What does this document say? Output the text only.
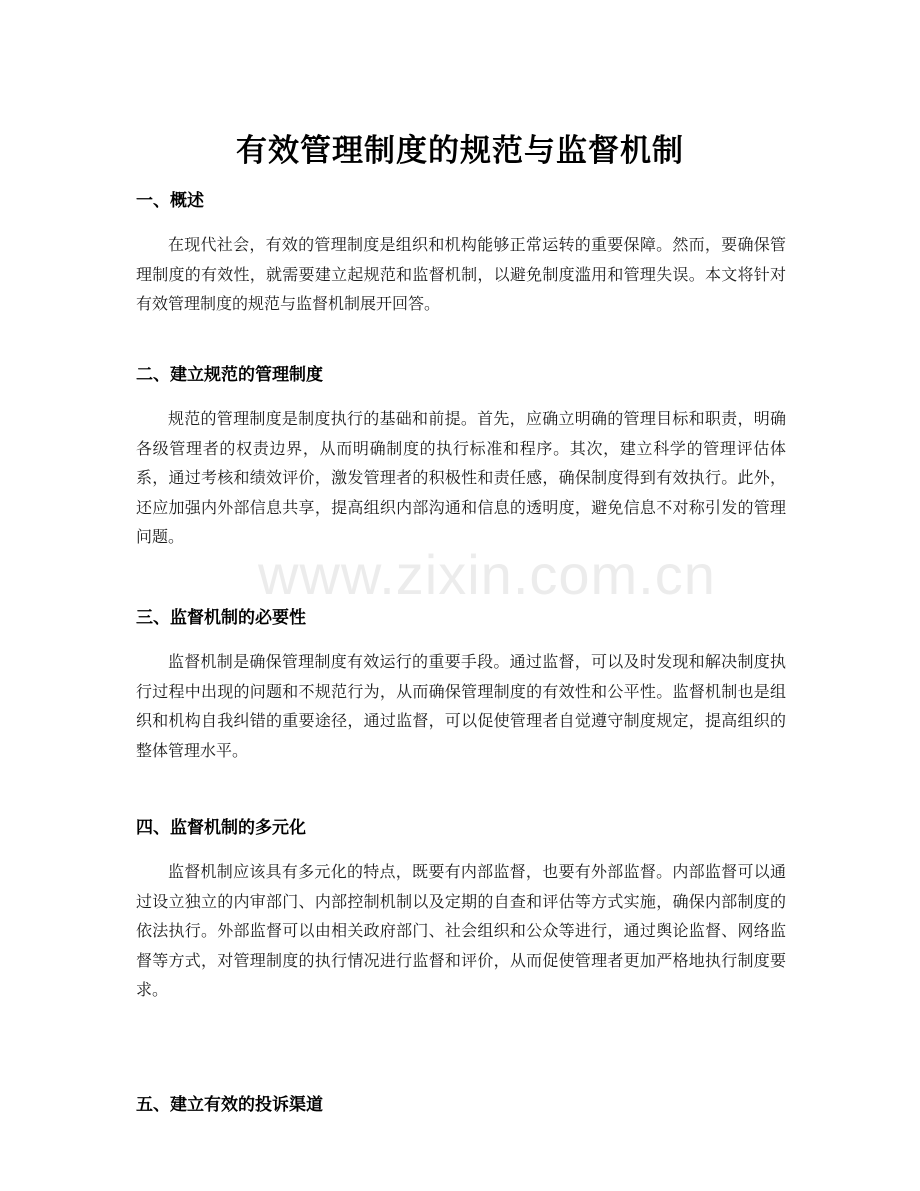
www.zixin.com.cn
有效管理制度的规范与监督机制
一、概述

在现代社会，有效的管理制度是组织和机构能够正常运转的重要保障。然而，要确保管理制度的有效性，就需要建立起规范和监督机制，以避免制度滥用和管理失误。本文将针对有效管理制度的规范与监督机制展开回答。

二、建立规范的管理制度

规范的管理制度是制度执行的基础和前提。首先，应确立明确的管理目标和职责，明确各级管理者的权责边界，从而明确制度的执行标准和程序。其次，建立科学的管理评估体系，通过考核和绩效评价，激发管理者的积极性和责任感，确保制度得到有效执行。此外，还应加强内外部信息共享，提高组织内部沟通和信息的透明度，避免信息不对称引发的管理问题。

三、监督机制的必要性

监督机制是确保管理制度有效运行的重要手段。通过监督，可以及时发现和解决制度执行过程中出现的问题和不规范行为，从而确保管理制度的有效性和公平性。监督机制也是组织和机构自我纠错的重要途径，通过监督，可以促使管理者自觉遵守制度规定，提高组织的整体管理水平。

四、监督机制的多元化

监督机制应该具有多元化的特点，既要有内部监督，也要有外部监督。内部监督可以通过设立独立的内审部门、内部控制机制以及定期的自查和评估等方式实施，确保内部制度的依法执行。外部监督可以由相关政府部门、社会组织和公众等进行，通过舆论监督、网络监督等方式，对管理制度的执行情况进行监督和评价，从而促使管理者更加严格地执行制度要求。

五、建立有效的投诉渠道
